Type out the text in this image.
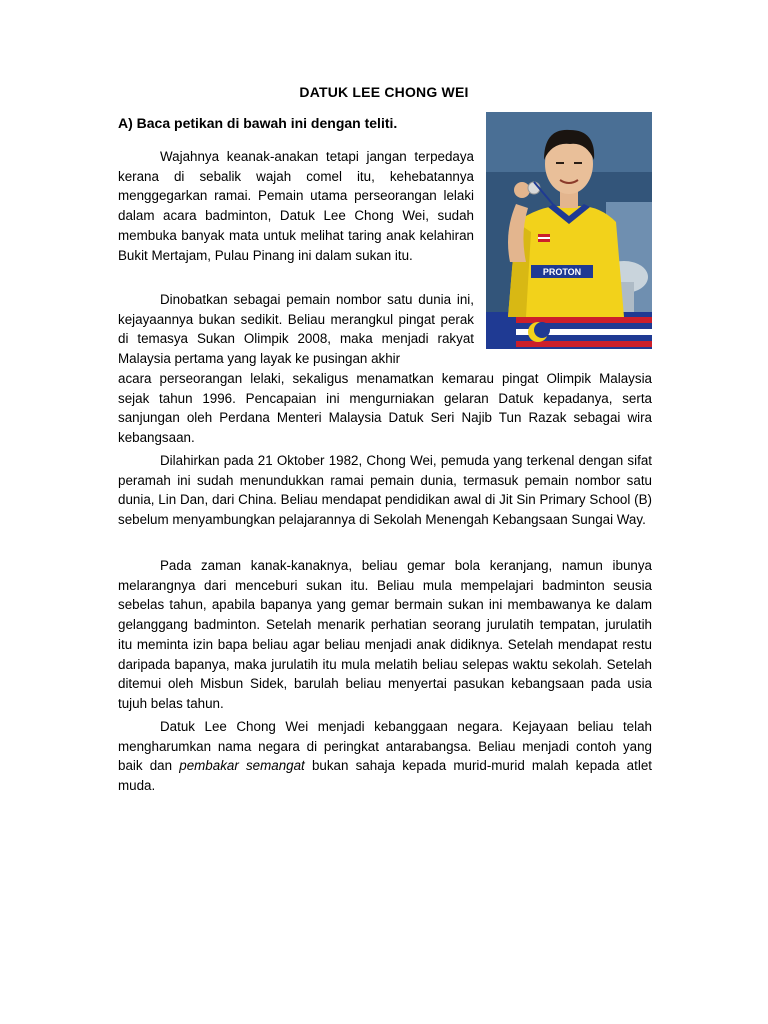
DATUK LEE CHONG WEI
A) Baca petikan di bawah ini dengan teliti.
PROTON

Wajahnya keanak-anakan tetapi jangan terpedaya kerana di sebalik wajah comel itu, kehebatannya menggegarkan ramai. Pemain utama perseorangan lelaki dalam acara badminton, Datuk Lee Chong Wei, sudah membuka banyak mata untuk melihat taring anak kelahiran Bukit Mertajam, Pulau Pinang ini dalam sukan itu.

Dinobatkan sebagai pemain nombor satu dunia ini, kejayaannya bukan sedikit. Beliau merangkul pingat perak di temasya Sukan Olimpik 2008, maka menjadi rakyat Malaysia pertama yang layak ke pusingan akhir
acara perseorangan lelaki, sekaligus menamatkan kemarau pingat Olimpik Malaysia sejak tahun 1996. Pencapaian ini mengurniakan gelaran Datuk kepadanya, serta sanjungan oleh Perdana Menteri Malaysia Datuk Seri Najib Tun Razak sebagai wira kebangsaan.

Dilahirkan pada 21 Oktober 1982, Chong Wei, pemuda yang terkenal dengan sifat peramah ini sudah menundukkan ramai pemain dunia, termasuk pemain nombor satu dunia, Lin Dan, dari China. Beliau mendapat pendidikan awal di Jit Sin Primary School (B) sebelum menyambungkan pelajarannya di Sekolah Menengah Kebangsaan Sungai Way.

Pada zaman kanak-kanaknya, beliau gemar bola keranjang, namun ibunya melarangnya dari menceburi sukan itu. Beliau mula mempelajari badminton seusia sebelas tahun, apabila bapanya yang gemar bermain sukan ini membawanya ke dalam gelanggang badminton. Setelah menarik perhatian seorang jurulatih tempatan, jurulatih itu meminta izin bapa beliau agar beliau menjadi anak didiknya. Setelah mendapat restu daripada bapanya, maka jurulatih itu mula melatih beliau selepas waktu sekolah. Setelah ditemui oleh Misbun Sidek, barulah beliau menyertai pasukan kebangsaan pada usia tujuh belas tahun.

Datuk Lee Chong Wei menjadi kebanggaan negara. Kejayaan beliau telah mengharumkan nama negara di peringkat antarabangsa. Beliau menjadi contoh yang baik dan pembakar semangat bukan sahaja kepada murid-murid malah kepada atlet muda.
